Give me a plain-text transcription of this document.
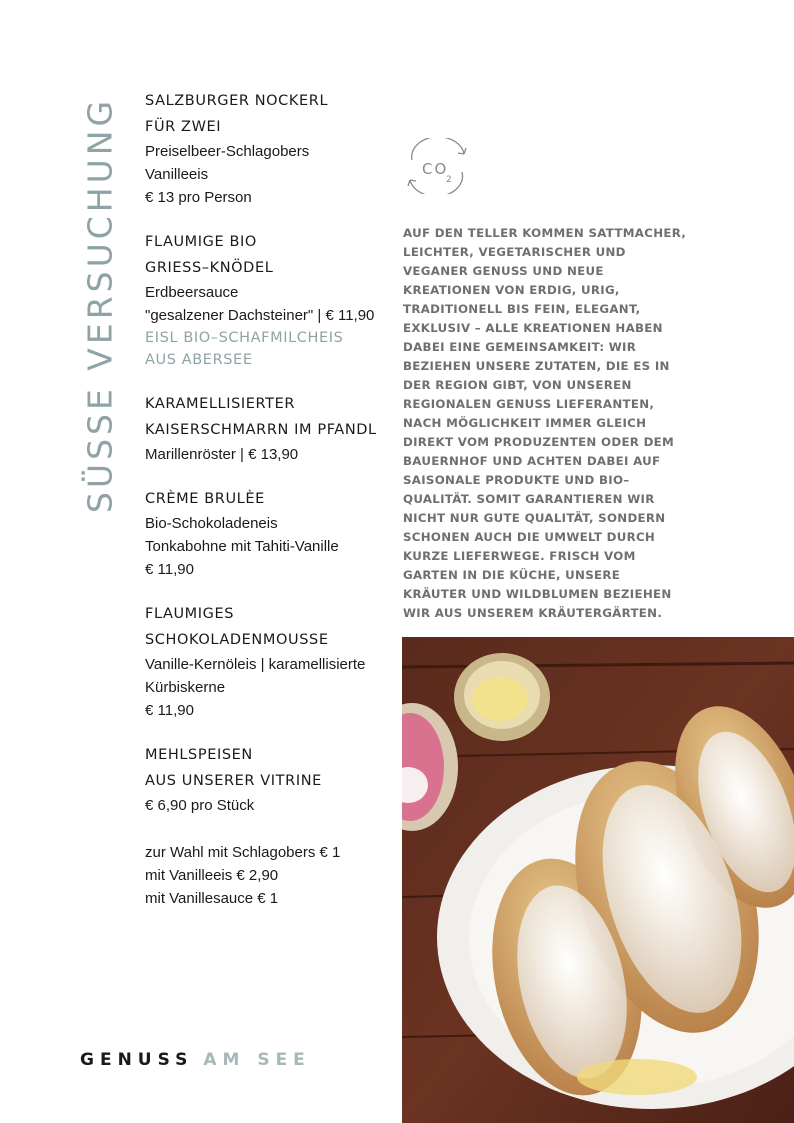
SÜSSE VERSUCHUNG SALZBURGER NOCKERL
FÜR ZWEI
Preiselbeer-Schlagobers
Vanilleeis
€ 13 pro Person
FLAUMIGE BIO
GRIESS–KNÖDEL
Erdbeersauce
"gesalzener Dachsteiner" | € 11,90
EISL BIO–SCHAFMILCHEIS
AUS ABERSEE
KARAMELLISIERTER
KAISERSCHMARRN IM PFANDL
Marillenröster | € 13,90
CRÈME BRULÈE
Bio-Schokoladeneis
Tonkabohne mit Tahiti-Vanille
€ 11,90
FLAUMIGES
SCHOKOLADENMOUSSE
Vanille-Kernöleis | karamellisierte
Kürbiskerne
€ 11,90
MEHLSPEISEN
AUS UNSERER VITRINE
€ 6,90 pro Stück
zur Wahl mit Schlagobers € 1
mit Vanilleeis € 2,90
mit Vanillesauce € 1
CO
2
AUF DEN TELLER KOMMEN SATTMACHER, LEICHTER, VEGETARISCHER UND VEGANER GENUSS UND NEUE KREATIONEN VON ERDIG, URIG, TRADITIONELL BIS FEIN, ELEGANT, EXKLUSIV – ALLE KREATIONEN HABEN DABEI EINE GEMEINSAMKEIT: WIR BEZIEHEN UNSERE ZUTATEN, DIE ES IN DER REGION GIBT, VON UNSEREN REGIONALEN GENUSS LIEFERANTEN, NACH MÖGLICHKEIT IMMER GLEICH DIREKT VOM PRODUZENTEN ODER DEM BAUERNHOF UND ACHTEN DABEI AUF SAISONALE PRODUKTE UND BIO–QUALITÄT. SOMIT GARANTIEREN WIR NICHT NUR GUTE QUALITÄT, SONDERN SCHONEN AUCH DIE UMWELT DURCH KURZE LIEFERWEGE. FRISCH VOM GARTEN IN DIE KÜCHE, UNSERE KRÄUTER UND WILDBLUMEN BEZIEHEN WIR AUS UNSEREM KRÄUTERGÄRTEN.
GENUSS AM SEE
